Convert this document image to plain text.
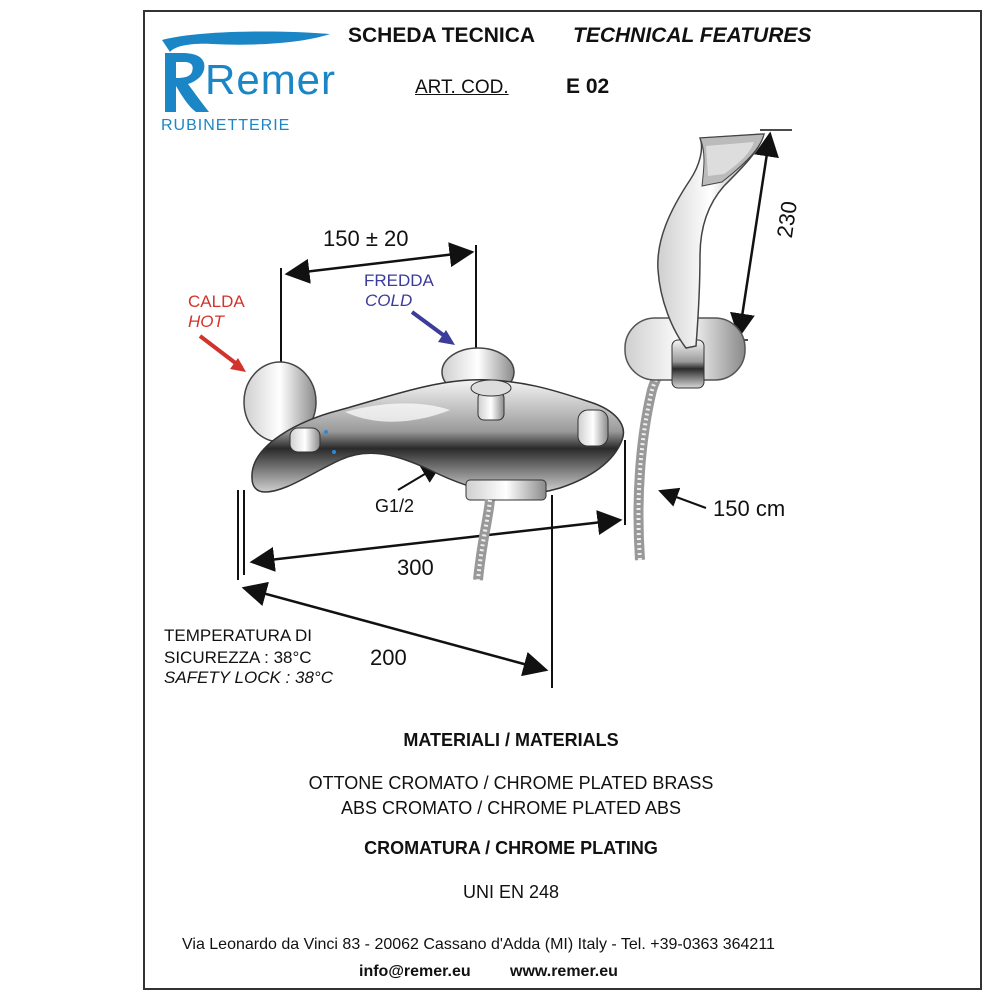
Remer
RUBINETTERIE
SCHEDA TECNICA TECHNICAL FEATURES
ART. COD.	E 02
150 ± 20	230
CALDA
HOT
FREDDA
COLD
G1/2	150 cm
300
200
TEMPERATURA DI
SICUREZZA : 38°C
SAFETY LOCK : 38°C
MATERIALI / MATERIALS
OTTONE CROMATO / CHROME PLATED BRASS
ABS CROMATO / CHROME PLATED ABS
CROMATURA / CHROME PLATING
UNI EN 248
Via Leonardo da Vinci 83 - 20062 Cassano d'Adda (MI) Italy - Tel. +39-0363 364211
info@remer.eu www.remer.eu
